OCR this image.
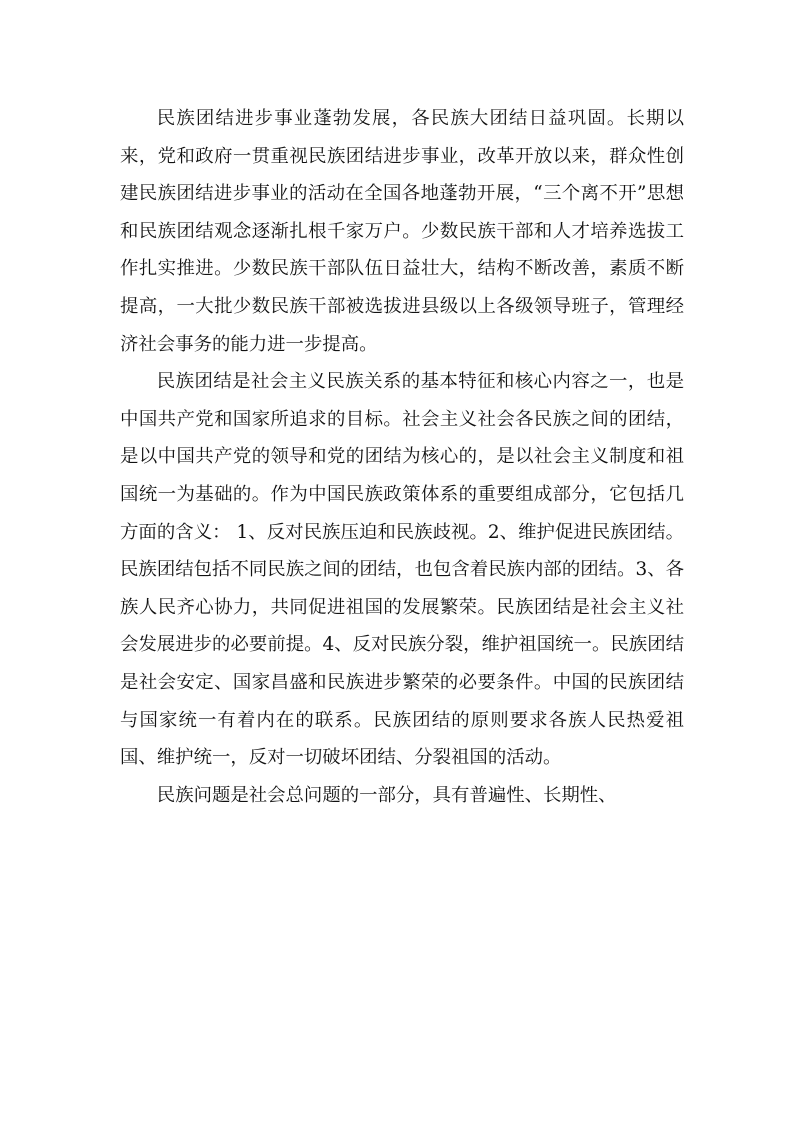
民族团结进步事业蓬勃发展，各民族大团结日益巩固。长期以来，党和政府一贯重视民族团结进步事业，改革开放以来，群众性创建民族团结进步事业的活动在全国各地蓬勃开展，“三个离不开”思想和民族团结观念逐渐扎根千家万户。少数民族干部和人才培养选拔工作扎实推进。少数民族干部队伍日益壮大，结构不断改善，素质不断提高，一大批少数民族干部被选拔进县级以上各级领导班子，管理经济社会事务的能力进一步提高。

民族团结是社会主义民族关系的基本特征和核心内容之一，也是中国共产党和国家所追求的目标。社会主义社会各民族之间的团结，是以中国共产党的领导和党的团结为核心的，是以社会主义制度和祖国统一为基础的。作为中国民族政策体系的重要组成部分，它包括几方面的含义： 1、反对民族压迫和民族歧视。2、维护促进民族团结。民族团结包括不同民族之间的团结，也包含着民族内部的团结。3、各族人民齐心协力，共同促进祖国的发展繁荣。民族团结是社会主义社会发展进步的必要前提。4、反对民族分裂，维护祖国统一。民族团结是社会安定、国家昌盛和民族进步繁荣的必要条件。中国的民族团结与国家统一有着内在的联系。民族团结的原则要求各族人民热爱祖国、维护统一，反对一切破坏团结、分裂祖国的活动。

民族问题是社会总问题的一部分，具有普遍性、长期性、
